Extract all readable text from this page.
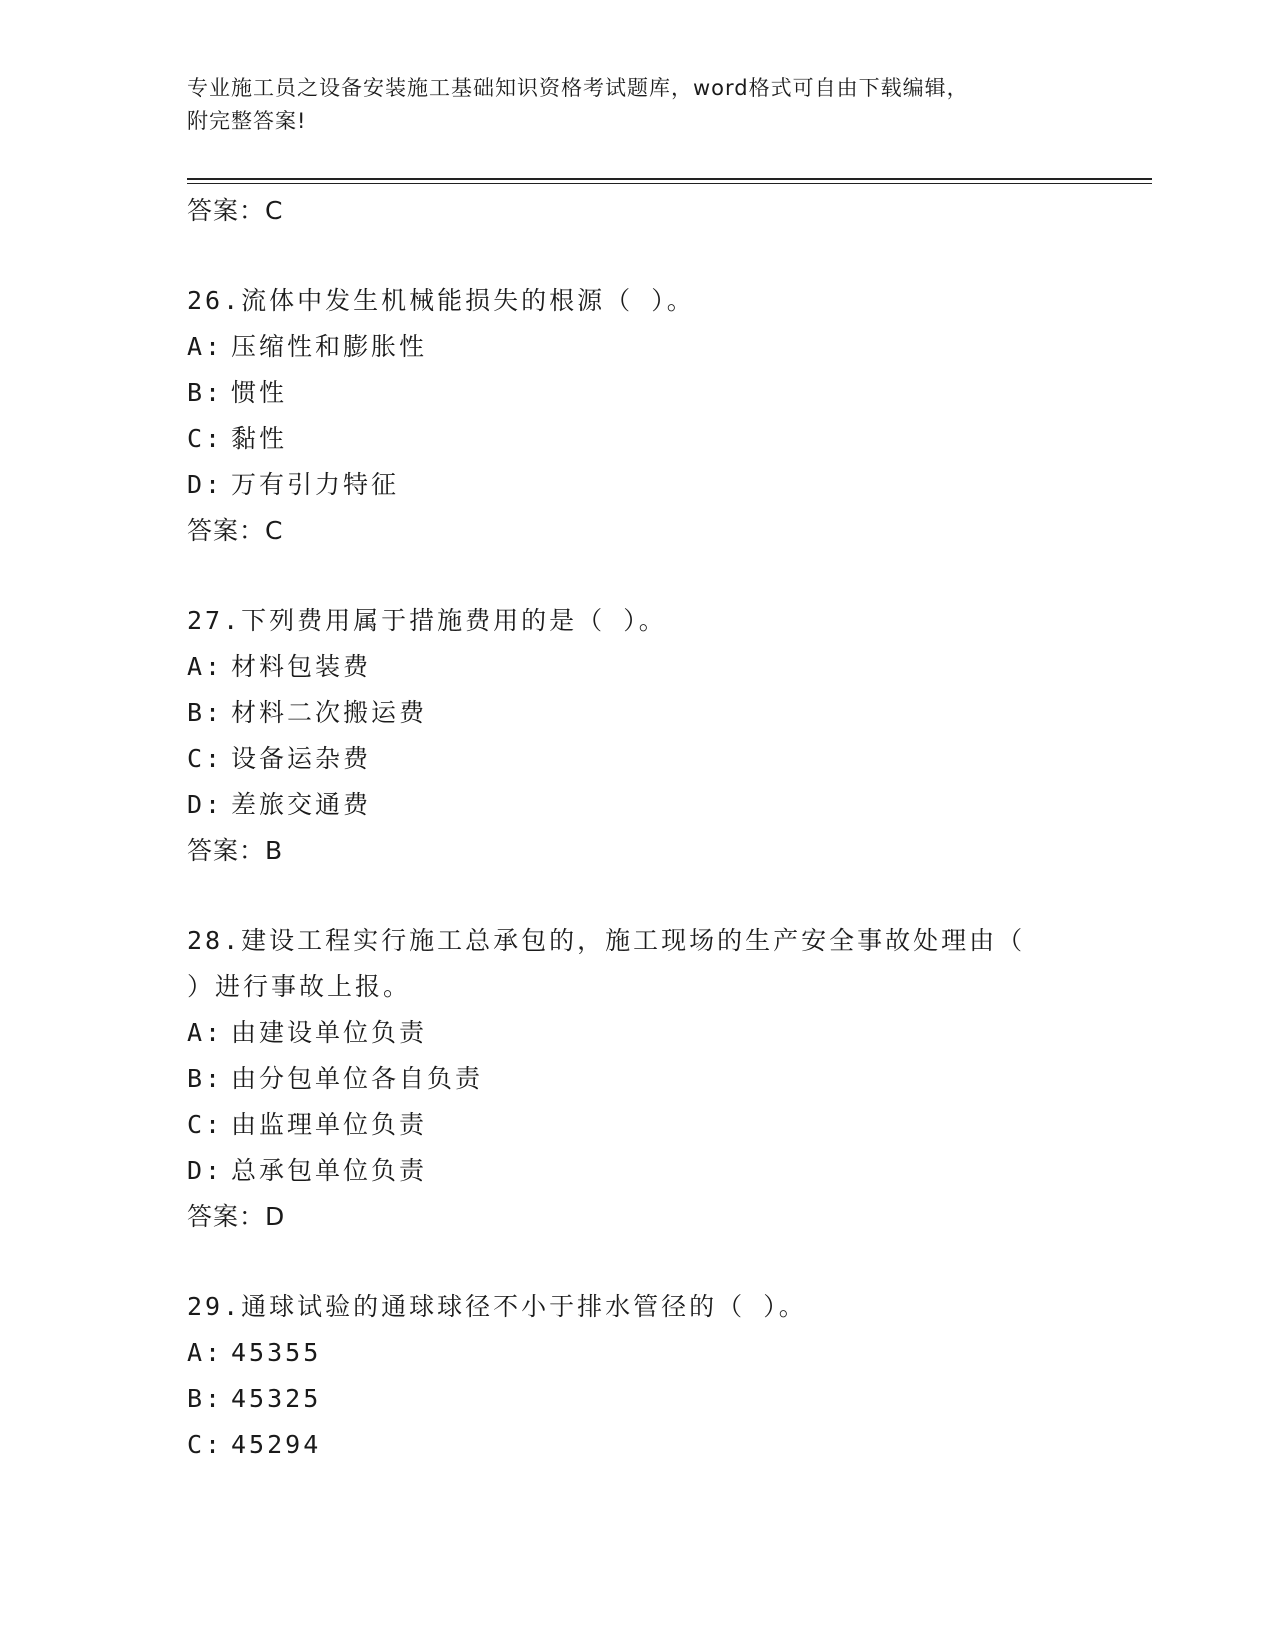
专业施工员之设备安装施工基础知识资格考试题库，word格式可自由下载编辑，
附完整答案!
答案：C
26.流体中发生机械能损失的根源（ ）。
A: 压缩性和膨胀性
B: 惯性
C: 黏性
D: 万有引力特征
答案：C
27.下列费用属于措施费用的是（ ）。
A: 材料包装费
B: 材料二次搬运费
C: 设备运杂费
D: 差旅交通费
答案：B
28.建设工程实行施工总承包的，施工现场的生产安全事故处理由（
）进行事故上报。
A: 由建设单位负责
B: 由分包单位各自负责
C: 由监理单位负责
D: 总承包单位负责
答案：D
29.通球试验的通球球径不小于排水管径的（ ）。
A: 45355
B: 45325
C: 45294
